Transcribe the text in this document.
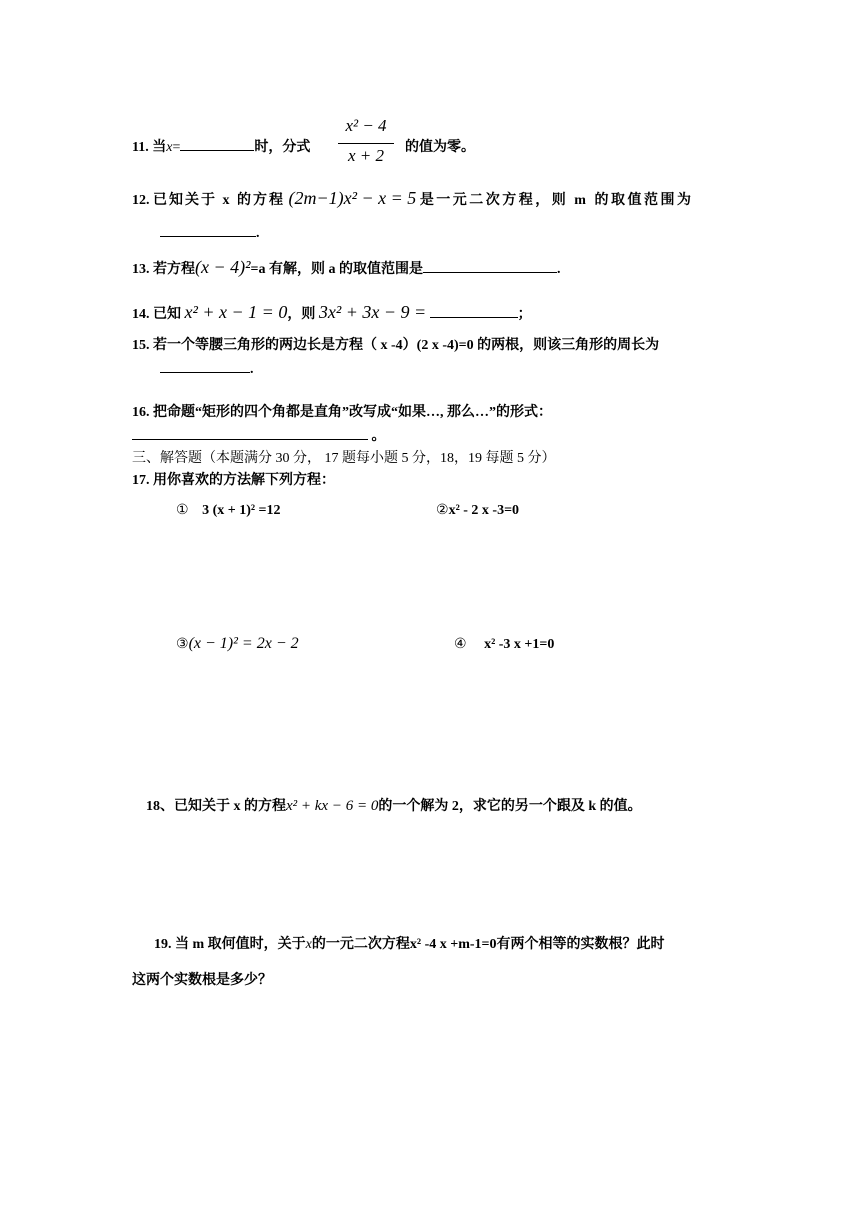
11. 当x=	时，分式
x² − 4
x + 2	的值为零。
12. 已知关于 x 的方程 (2m−1)x² − x = 5 是一元二次方程，则 m 的取值范围为
.
13. 若方程(x − 4)²=a 有解，则 a 的取值范围是	.
14. 已知 x² + x − 1 = 0，则 3x² + 3x − 9 =	；
15. 若一个等腰三角形的两边长是方程（ x -4）(2 x -4)=0 的两根，则该三角形的周长为
.
16. 把命题“矩形的四个角都是直角”改写成“如果…, 那么…”的形式：
。
三、解答题（本题满分 30 分， 17 题每小题 5 分，18，19 每题 5 分）
17. 用你喜欢的方法解下列方程：
① 3 (x + 1)² =12	②x² - 2 x -3=0
③(x − 1)² = 2x − 2	④ x² -3 x +1=0
18、已知关于 x 的方程x² + kx − 6 = 0的一个解为 2，求它的另一个跟及 k 的值。
19. 当 m 取何值时，关于x的一元二次方程x² -4 x +m-1=0有两个相等的实数根？此时
这两个实数根是多少？
